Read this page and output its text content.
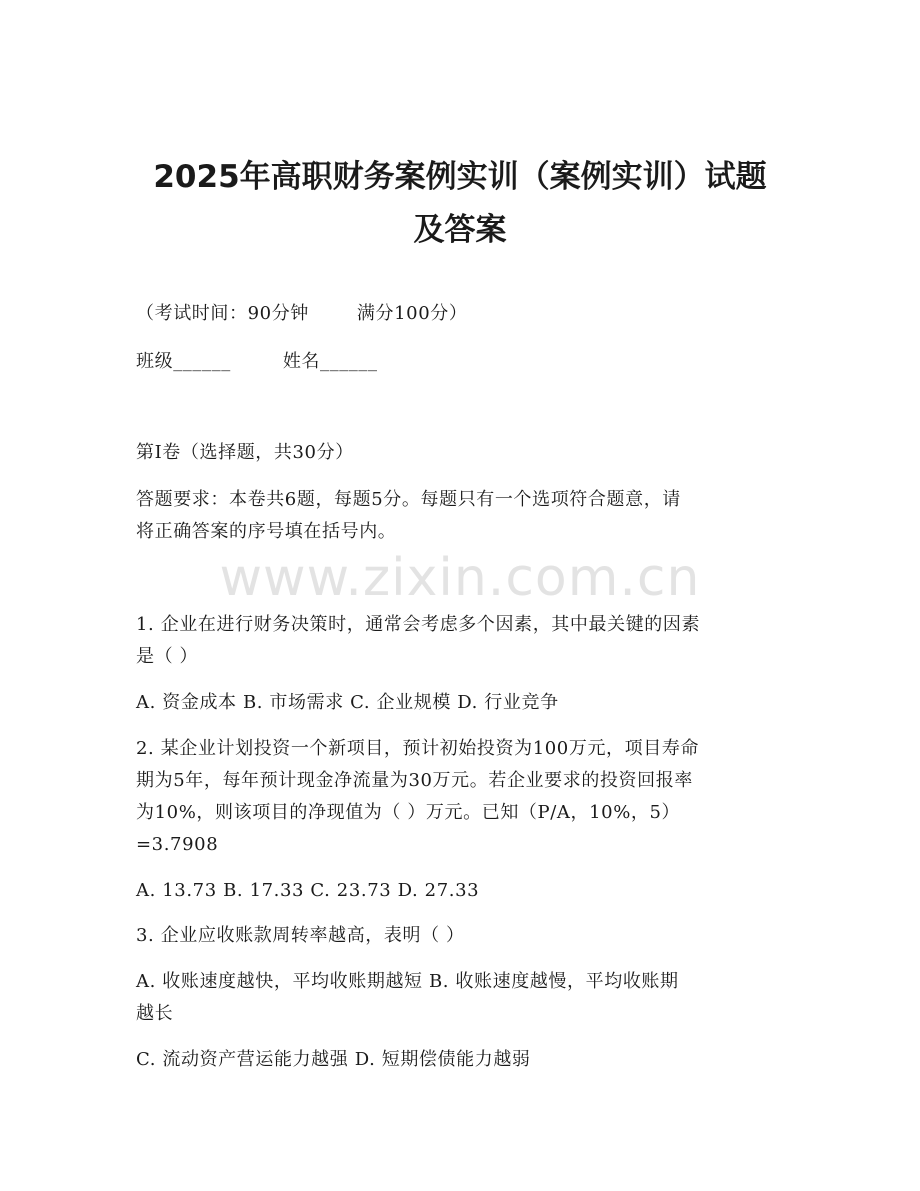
2025年高职财务案例实训（案例实训）试题
及答案

（考试时间：90分钟	满分100分）

班级______	姓名______

第I卷（选择题，共30分）

答题要求：本卷共6题，每题5分。每题只有一个选项符合题意，请

将正确答案的序号填在括号内。

www.zixin.com.cn

1. 企业在进行财务决策时，通常会考虑多个因素，其中最关键的因素

是（ ）

A. 资金成本 B. 市场需求 C. 企业规模 D. 行业竞争

2. 某企业计划投资一个新项目，预计初始投资为100万元，项目寿命

期为5年，每年预计现金净流量为30万元。若企业要求的投资回报率

为10%，则该项目的净现值为（ ）万元。已知（P/A，10%，5）

=3.7908

A. 13.73 B. 17.33 C. 23.73 D. 27.33

3. 企业应收账款周转率越高，表明（ ）

A. 收账速度越快，平均收账期越短 B. 收账速度越慢，平均收账期

越长

C. 流动资产营运能力越强 D. 短期偿债能力越弱
